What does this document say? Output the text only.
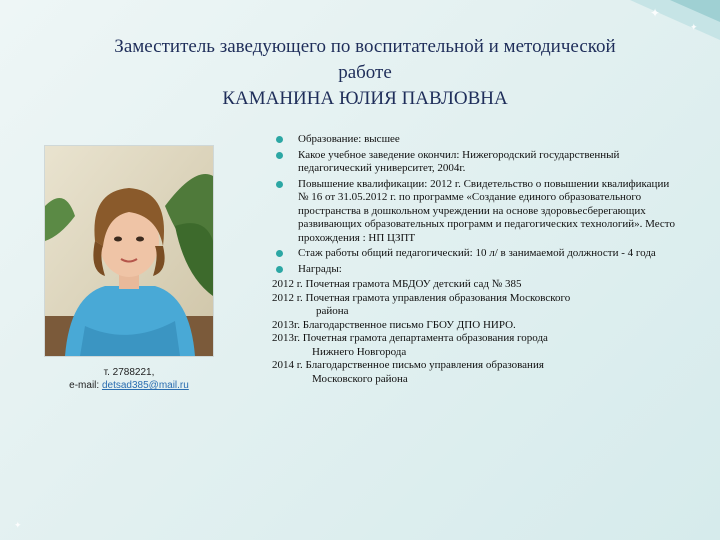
✦
✦
✦
Заместитель заведующего по воспитательной и методической
работе
КАМАНИНА ЮЛИЯ ПАВЛОВНА
т. 2788221,
e-mail: detsad385@mail.ru
Образование: высшее
Какое учебное заведение окончил: Нижегородский государственный педагогический университет, 2004г.
Повышение квалификации: 2012 г. Свидетельство о повышении квалификации № 16 от 31.05.2012 г. по программе «Создание единого образовательного пространства в дошкольном учреждении на основе здоровьесберегающих развивающих образовательных программ и педагогических технологий». Место прохождения : НП ЦЗПТ
Стаж работы общий педагогический: 10 л/ в занимаемой должности - 4 года
Награды:
2012 г. Почетная грамота МБДОУ детский сад № 385
2012 г. Почетная грамота управления образования Московского
района
2013г. Благодарственное письмо ГБОУ ДПО НИРО.
2013г. Почетная грамота департамента образования города
Нижнего Новгорода
2014 г. Благодарственное письмо управления образования
Московского района
